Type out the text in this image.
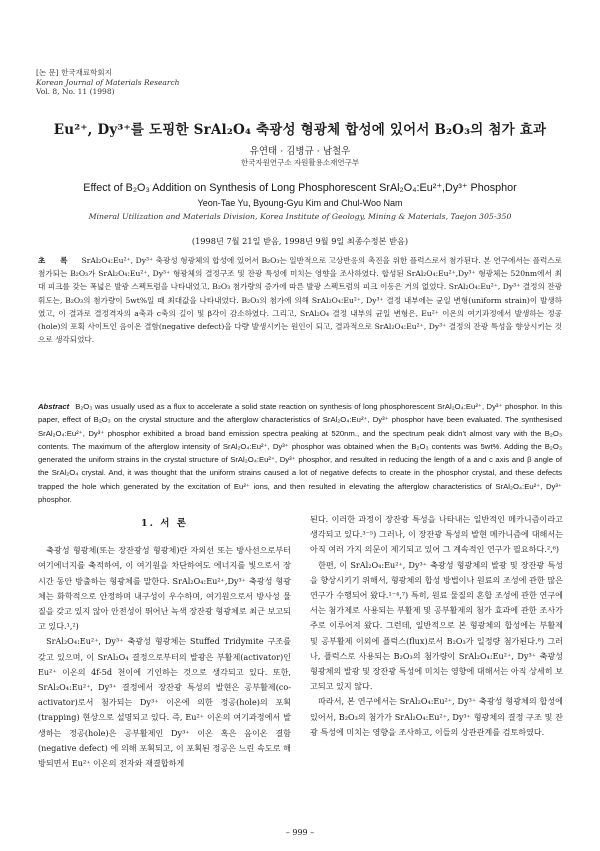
[논 문] 한국재료학회지
Korean Journal of Materials Research
Vol. 8, No. 11 (1998)
Eu²⁺, Dy³⁺를 도핑한 SrAl₂O₄ 축광성 형광체 합성에 있어서 B₂O₃의 첨가 효과
유연태 · 김병규 · 남철우
한국자원연구소 자원활용소재연구부
Effect of B₂O₃ Addition on Synthesis of Long Phosphorescent SrAl₂O₄:Eu²⁺,Dy³⁺ Phosphor
Yeon-Tae Yu, Byoung-Gyu Kim and Chul-Woo Nam
Mineral Utilization and Materials Division, Korea Institute of Geology, Mining & Materials, Taejon 305-350
(1998년 7월 21일 받음, 1998년 9월 9일 최종수정본 받음)
초 록 SrAl₂O₄:Eu²⁺, Dy³⁺ 축광성 형광체의 합성에 있어서 B₂O₃는 일반적으로 고상반응의 촉진을 위한 플럭스로서 첨가된다. 본 연구에서는 플럭스로 첨가되는 B₂O₃가 SrAl₂O₄:Eu²⁺, Dy³⁺ 형광체의 결정구조 및 잔광 특성에 미치는 영향을 조사하였다. 합성된 SrAl₂O₄:Eu²⁺,Dy³⁺ 형광체는 520nm에서 최대 피크를 갖는 폭넓은 발광 스펙트럼을 나타내었고, B₂O₃ 첨가량의 증가에 따른 발광 스펙트럼의 피크 이동은 거의 없었다. SrAl₂O₄:Eu²⁺, Dy³⁺ 결정의 잔광 휘도는, B₂O₃의 첨가량이 5wt%일 때 최대값을 나타내었다. B₂O₃의 첨가에 의해 SrAl₂O₄:Eu²⁺, Dy³⁺ 결정 내부에는 균일 변형(uniform strain)이 발생하였고, 이 결과로 결정격자의 a축과 c축의 길이 및 β각이 감소하였다. 그리고, SrAl₂O₄ 결정 내부의 균일 변형은, Eu²⁺ 이온의 여기과정에서 발생하는 정공(hole)의 포획 사이트인 음이온 결함(negative defect)을 다량 발생시키는 원인이 되고, 결과적으로 SrAl₂O₄:Eu²⁺, Dy³⁺ 결정의 잔광 특성을 향상시키는 것으로 생각되었다.
Abstract B₂O₃ was usually used as a flux to accelerate a solid state reaction on synthesis of long phosphorescent SrAl₂O₄:Eu²⁺, Dy³⁺ phosphor. In this paper, effect of B₂O₃ on the crystal structure and the afterglow characteristics of SrAl₂O₄:Eu²⁺, Dy³⁺ phosphor have been evaluated. The synthesised SrAl₂O₄:Eu²⁺, Dy³⁺ phosphor exhibited a broad band emission spectra peaking at 520nm., and the spectrum peak didn't almost vary with the B₂O₃ contents. The maximum of the afterglow intensity of SrAl₂O₄:Eu²⁺, Dy³⁺ phosphor was obtained when the B₂O₃ contents was 5wt%. Adding the B₂O₃ generated the uniform strains in the crystal structure of SrAl₂O₄:Eu²⁺, Dy³⁺ phosphor, and resulted in reducing the length of a and c axis and β angle of the SrAl₂O₄ crystal. And, it was thought that the uniform strains caused a lot of negative defects to create in the phosphor crystal, and these defects trapped the hole which generated by the excitation of Eu²⁺ ions, and then resulted in elevating the afterglow characteristics of SrAl₂O₄:Eu²⁺, Dy³⁺ phosphor.
1. 서 론

축광성 형광체(또는 장잔광성 형광체)란 자외선 또는 방사선으로부터 여기에너지를 축적하여, 이 여기원을 차단하여도 에너지를 빛으로서 장시간 동안 방출하는 형광체를 말한다. SrAl₂O₄:Eu²⁺,Dy³⁺ 축광성 형광체는 화학적으로 안정하며 내구성이 우수하며, 여기원으로서 방사성 물질을 갖고 있지 않아 안전성이 뛰어난 녹색 장잔광 형광체로 최근 보고되고 있다.¹,²)

SrAl₂O₄:Eu²⁺, Dy³⁺ 축광성 형광체는 Stuffed Tridymite 구조를 갖고 있으며, 이 SrAl₂O₄ 결정으로부터의 발광은 부활제(activator)인 Eu²⁺ 이온의 4f-5d 천이에 기인하는 것으로 생각되고 있다. 또한, SrAl₂O₄:Eu²⁺, Dy³⁺ 결정에서 장잔광 특성의 발현은 공부활제(co-activator)로서 첨가되는 Dy³⁺ 이온에 의한 정공(hole)의 포획(trapping) 현상으로 설명되고 있다. 즉, Eu²⁺ 이온의 여기과정에서 발생하는 정공(hole)은 공부활제인 Dy³⁺ 이온 혹은 음이온 결함(negative defect) 에 의해 포획되고, 이 포획된 정공은 느린 속도로 해방되면서 Eu²⁺ 이온의 전자와 재결합하게

된다. 이러한 과정이 장잔광 특성을 나타내는 일반적인 메카니즘이라고 생각되고 있다.³⁻⁵) 그러나, 이 장잔광 특성의 발현 메카니즘에 대해서는 아직 여러 가지 의문이 제기되고 있어 그 계속적인 연구가 필요하다.²,⁶)

한편, 이 SrAl₂O₄:Eu²⁺, Dy³⁺ 축광성 형광체의 발광 및 장잔광 특성을 향상시키기 위해서, 형광체의 합성 방법이나 원료의 조성에 관한 많은 연구가 수행되어 왔다.¹⁻⁴,⁷) 특히, 원료 물질의 혼합 조성에 관한 연구에서는 첨가제로 사용되는 부활제 및 공부활제의 첨가 효과에 관한 조사가 주로 이루어져 왔다. 그런데, 일반적으로 본 형광체의 합성에는 부활제 및 공부활제 이외에 플럭스(flux)로서 B₂O₃가 일정량 첨가된다.⁸) 그러나, 플럭스로 사용되는 B₂O₃의 첨가량이 SrAl₂O₄:Eu²⁺, Dy³⁺ 축광성 형광체의 발광 및 장잔광 특성에 미치는 영향에 대해서는 아직 상세히 보고되고 있지 않다.

따라서, 본 연구에서는 SrAl₂O₄:Eu²⁺, Dy³⁺ 축광성 형광체의 합성에 있어서, B₂O₃의 첨가가 SrAl₂O₄:Eu²⁺, Dy³⁺ 형광체의 결정 구조 및 잔광 특성에 미치는 영향을 조사하고, 이들의 상관관계를 검토하였다.

– 999 –
